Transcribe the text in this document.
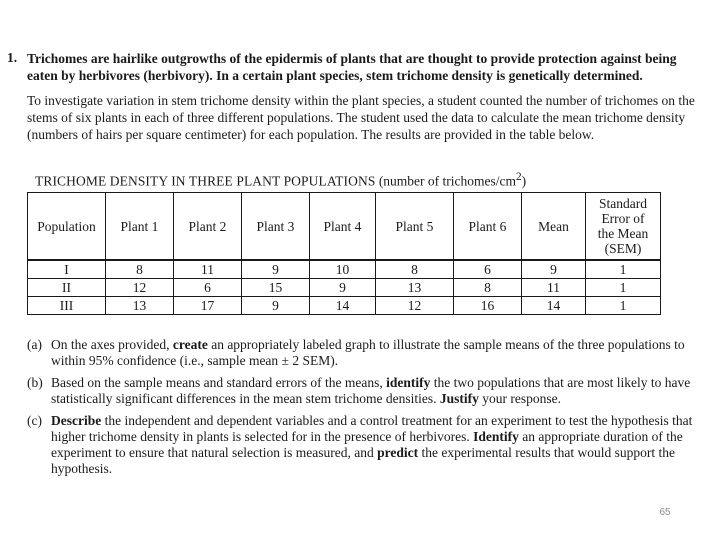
1. Trichomes are hairlike outgrowths of the epidermis of plants that are thought to provide protection against being eaten by herbivores (herbivory). In a certain plant species, stem trichome density is genetically determined.

To investigate variation in stem trichome density within the plant species, a student counted the number of trichomes on the stems of six plants in each of three different populations. The student used the data to calculate the mean trichome density (numbers of hairs per square centimeter) for each population. The results are provided in the table below.

TRICHOME DENSITY IN THREE PLANT POPULATIONS (number of trichomes/$cm^2$)
Population	Plant 1	Plant 2	Plant 3	Plant 4	Plant 5	Plant 6	Mean	Standard
Error of
the Mean
(SEM)
I	8	11	9	10	8	6	9	1
II	12	6	15	9	13	8	11	1
III	13	17	9	14	12	16	14	1
(a) On the axes provided, create an appropriately labeled graph to illustrate the sample means of the three populations to within 95% confidence (i.e., sample mean ± 2 SEM).
(b) Based on the sample means and standard errors of the means, identify the two populations that are most likely to have statistically significant differences in the mean stem trichome densities. Justify your response.
(c) Describe the independent and dependent variables and a control treatment for an experiment to test the hypothesis that higher trichome density in plants is selected for in the presence of herbivores. Identify an appropriate duration of the experiment to ensure that natural selection is measured, and predict the experimental results that would support the hypothesis.
65
